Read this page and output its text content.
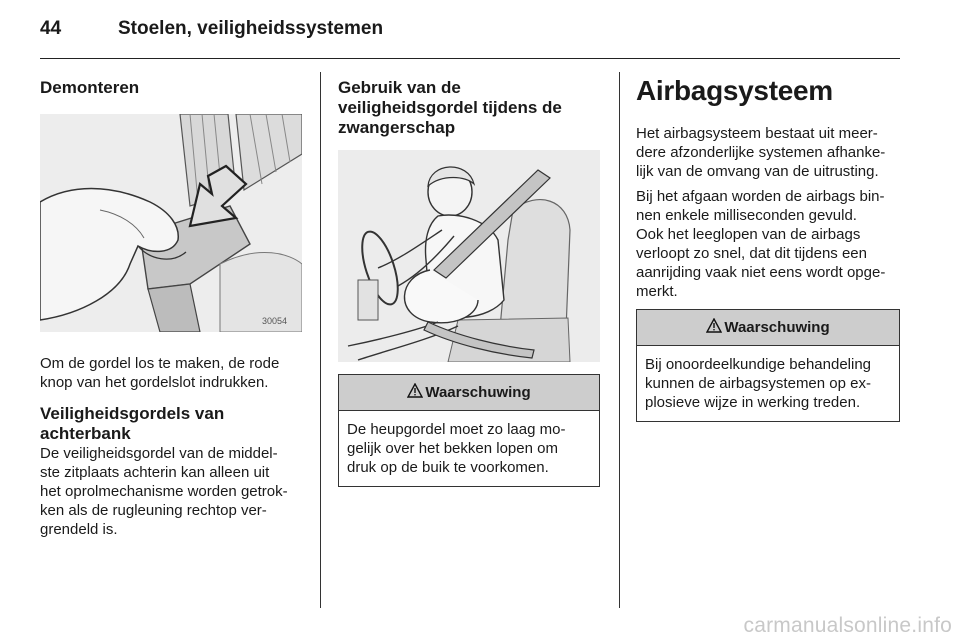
44	Stoelen, veiligheidssystemen
Demonteren
30054
Om de gordel los te maken, de rode
knop van het gordelslot indrukken.
Veiligheidsgordels van
achterbank
De veiligheidsgordel van de middel-
ste zitplaats achterin kan alleen uit
het oprolmechanisme worden getrok-
ken als de rugleuning rechtop ver-
grendeld is.
Gebruik van de
veiligheidsgordel tijdens de
zwangerschap
Waarschuwing
De heupgordel moet zo laag mo-
gelijk over het bekken lopen om
druk op de buik te voorkomen.
Airbagsysteem
Het airbagsysteem bestaat uit meer-
dere afzonderlijke systemen afhanke-
lijk van de omvang van de uitrusting.
Bij het afgaan worden de airbags bin-
nen enkele milliseconden gevuld.
Ook het leeglopen van de airbags
verloopt zo snel, dat dit tijdens een
aanrijding vaak niet eens wordt opge-
merkt.
Waarschuwing
Bij onoordeelkundige behandeling
kunnen de airbagsystemen op ex-
plosieve wijze in werking treden.
carmanualsonline.info
